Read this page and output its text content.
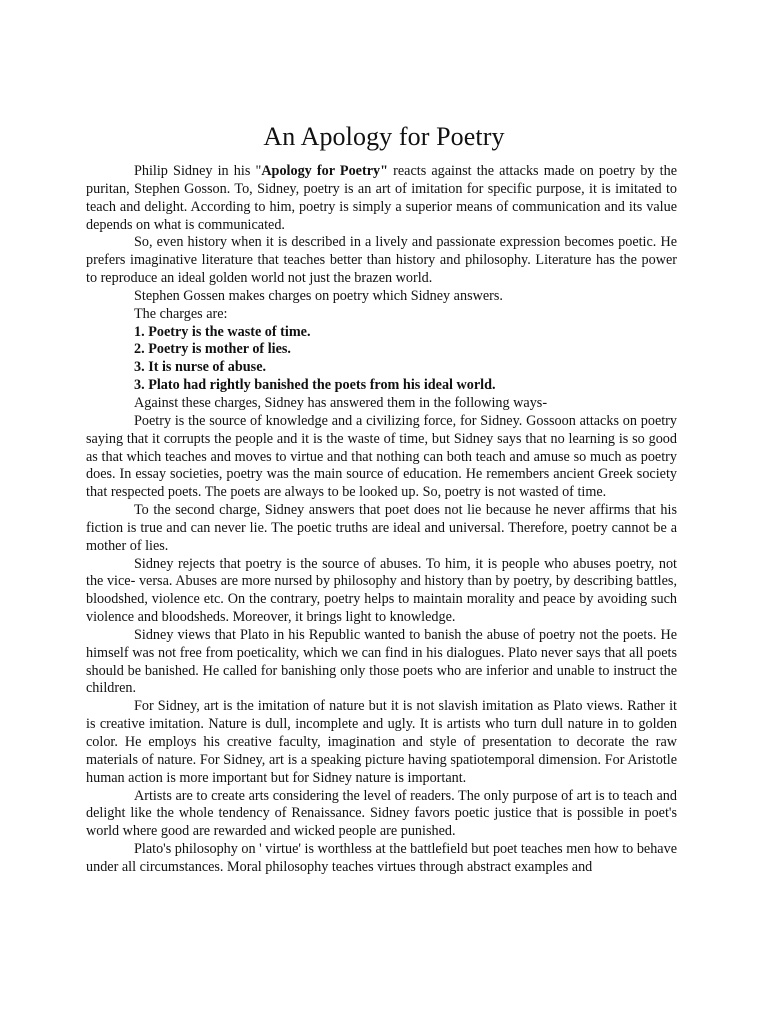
An Apology for Poetry

Philip Sidney in his "Apology for Poetry" reacts against the attacks made on poetry by the puritan, Stephen Gosson. To, Sidney, poetry is an art of imitation for specific purpose, it is imitated to teach and delight. According to him, poetry is simply a superior means of communication and its value depends on what is communicated.

So, even history when it is described in a lively and passionate expression becomes poetic. He prefers imaginative literature that teaches better than history and philosophy. Literature has the power to reproduce an ideal golden world not just the brazen world.

Stephen Gossen makes charges on poetry which Sidney answers.

The charges are:

1. Poetry is the waste of time.

2. Poetry is mother of lies.

3. It is nurse of abuse.

3. Plato had rightly banished the poets from his ideal world.

Against these charges, Sidney has answered them in the following ways-

Poetry is the source of knowledge and a civilizing force, for Sidney. Gossoon attacks on poetry saying that it corrupts the people and it is the waste of time, but Sidney says that no learning is so good as that which teaches and moves to virtue and that nothing can both teach and amuse so much as poetry does. In essay societies, poetry was the main source of education. He remembers ancient Greek society that respected poets. The poets are always to be looked up. So, poetry is not wasted of time.

To the second charge, Sidney answers that poet does not lie because he never affirms that his fiction is true and can never lie. The poetic truths are ideal and universal. Therefore, poetry cannot be a mother of lies.

Sidney rejects that poetry is the source of abuses. To him, it is people who abuses poetry, not the vice- versa. Abuses are more nursed by philosophy and history than by poetry, by describing battles, bloodshed, violence etc. On the contrary, poetry helps to maintain morality and peace by avoiding such violence and bloodsheds. Moreover, it brings light to knowledge.

Sidney views that Plato in his Republic wanted to banish the abuse of poetry not the poets. He himself was not free from poeticality, which we can find in his dialogues. Plato never says that all poets should be banished. He called for banishing only those poets who are inferior and unable to instruct the children.

For Sidney, art is the imitation of nature but it is not slavish imitation as Plato views. Rather it is creative imitation. Nature is dull, incomplete and ugly. It is artists who turn dull nature in to golden color. He employs his creative faculty, imagination and style of presentation to decorate the raw materials of nature. For Sidney, art is a speaking picture having spatiotemporal dimension. For Aristotle human action is more important but for Sidney nature is important.

Artists are to create arts considering the level of readers. The only purpose of art is to teach and delight like the whole tendency of Renaissance. Sidney favors poetic justice that is possible in poet's world where good are rewarded and wicked people are punished.

Plato's philosophy on ' virtue' is worthless at the battlefield but poet teaches men how to behave under all circumstances. Moral philosophy teaches virtues through abstract examples and
